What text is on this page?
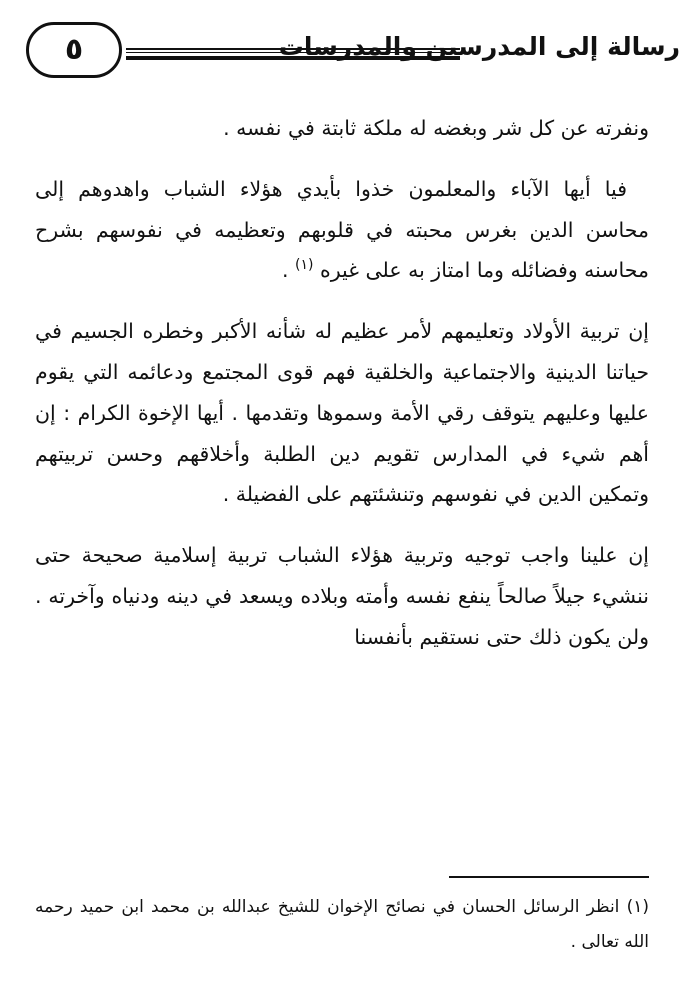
رسالة إلى المدرسين والمدرسات
٥

ونفرته عن كل شر وبغضه له ملكة ثابتة في نفسه .

فيا أيها الآباء والمعلمون خذوا بأيدي هؤلاء الشباب واهدوهم إلى محاسن الدين بغرس محبته في قلوبهم وتعظيمه في نفوسهم بشرح محاسنه وفضائله وما امتاز به على غيره $^{(١)}$ .

إن تربية الأولاد وتعليمهم لأمر عظيم له شأنه الأكبر وخطره الجسيم في حياتنا الدينية والاجتماعية والخلقية فهم قوى المجتمع ودعائمه التي يقوم عليها وعليهم يتوقف رقي الأمة وسموها وتقدمها . أيها الإخوة الكرام : إن أهم شيء في المدارس تقويم دين الطلبة وأخلاقهم وحسن تربيتهم وتمكين الدين في نفوسهم وتنشئتهم على الفضيلة .

إن علينا واجب توجيه وتربية هؤلاء الشباب تربية إسلامية صحيحة حتى ننشيء جيلاً صالحاً ينفع نفسه وأمته وبلاده ويسعد في دينه ودنياه وآخرته . ولن يكون ذلك حتى نستقيم بأنفسنا

(١) انظر الرسائل الحسان في نصائح الإخوان للشيخ عبدالله بن محمد ابن حميد رحمه الله تعالى .
